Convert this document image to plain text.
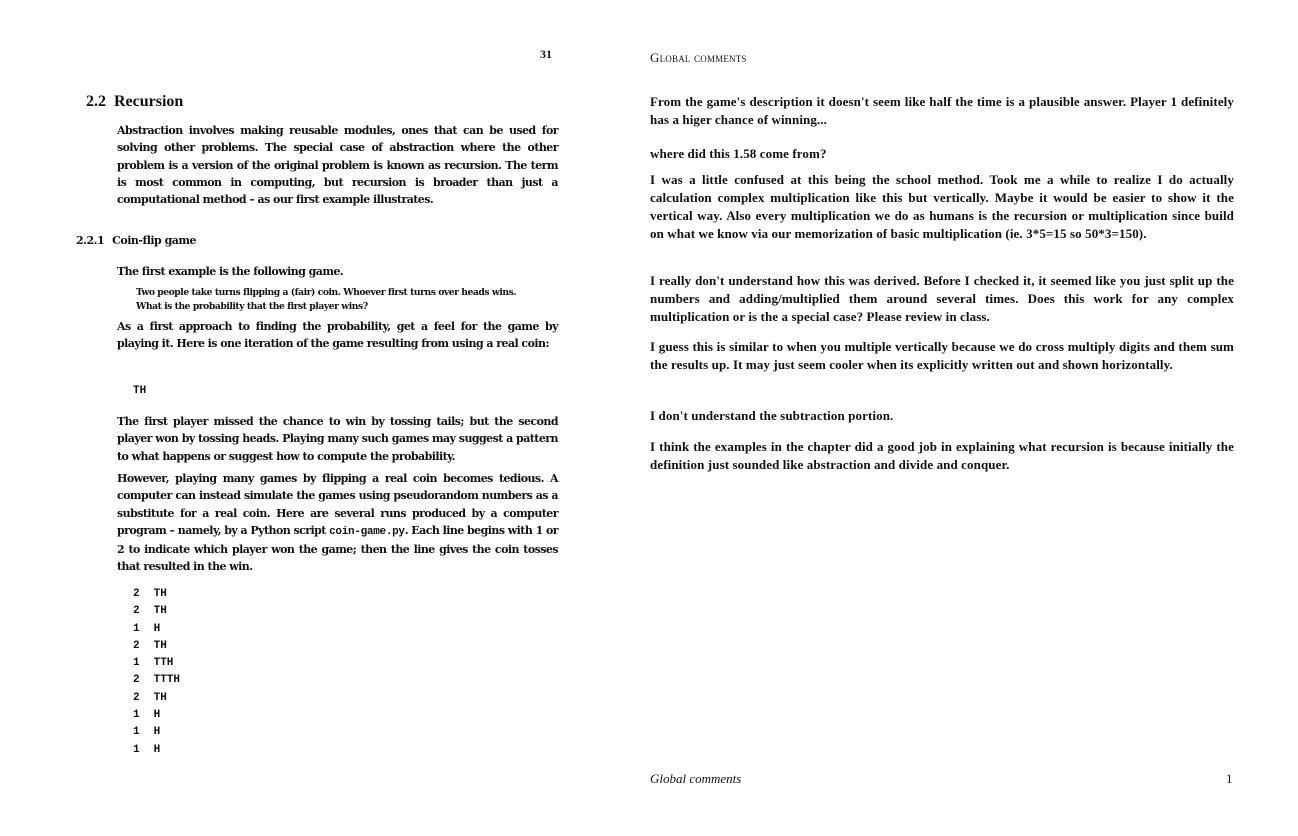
31
2.2 Recursion
Abstraction involves making reusable modules, ones that can be used for solving other problems. The special case of abstraction where the other problem is a version of the original problem is known as recursion. The term is most common in computing, but recursion is broader than just a computational method – as our first example illustrates.
2.2.1 Coin-flip game
The first example is the following game.
Two people take turns flipping a (fair) coin. Whoever first turns over heads wins. What is the probability that the first player wins?
As a first approach to finding the probability, get a feel for the game by playing it. Here is one iteration of the game resulting from using a real coin:
TH
The first player missed the chance to win by tossing tails; but the second player won by tossing heads. Playing many such games may suggest a pattern to what happens or suggest how to compute the probability.
However, playing many games by flipping a real coin becomes tedious. A computer can instead simulate the games using pseudorandom numbers as a substitute for a real coin. Here are several runs produced by a computer program – namely, by a Python script coin-game.py. Each line begins with 1 or 2 to indicate which player won the game; then the line gives the coin tosses that resulted in the win.
2 TH
2 TH
1 H
2 TH
1 TTH
2 TTTH
2 TH
1 H
1 H
1 H
Global comments
From the game's description it doesn't seem like half the time is a plausible answer. Player 1 definitely has a higer chance of winning...
where did this 1.58 come from?
I was a little confused at this being the school method. Took me a while to realize I do actually calculation complex multiplication like this but vertically. Maybe it would be easier to show it the vertical way. Also every multiplication we do as humans is the recursion or multiplication since build on what we know via our memorization of basic multiplication (ie. 3*5=15 so 50*3=150).
I really don't understand how this was derived. Before I checked it, it seemed like you just split up the numbers and adding/multiplied them around several times. Does this work for any complex multiplication or is the a special case? Please review in class.
I guess this is similar to when you multiple vertically because we do cross multiply digits and them sum the results up. It may just seem cooler when its explicitly written out and shown horizontally.
I don't understand the subtraction portion.
I think the examples in the chapter did a good job in explaining what recursion is because initially the definition just sounded like abstraction and divide and conquer.
Global comments	1
